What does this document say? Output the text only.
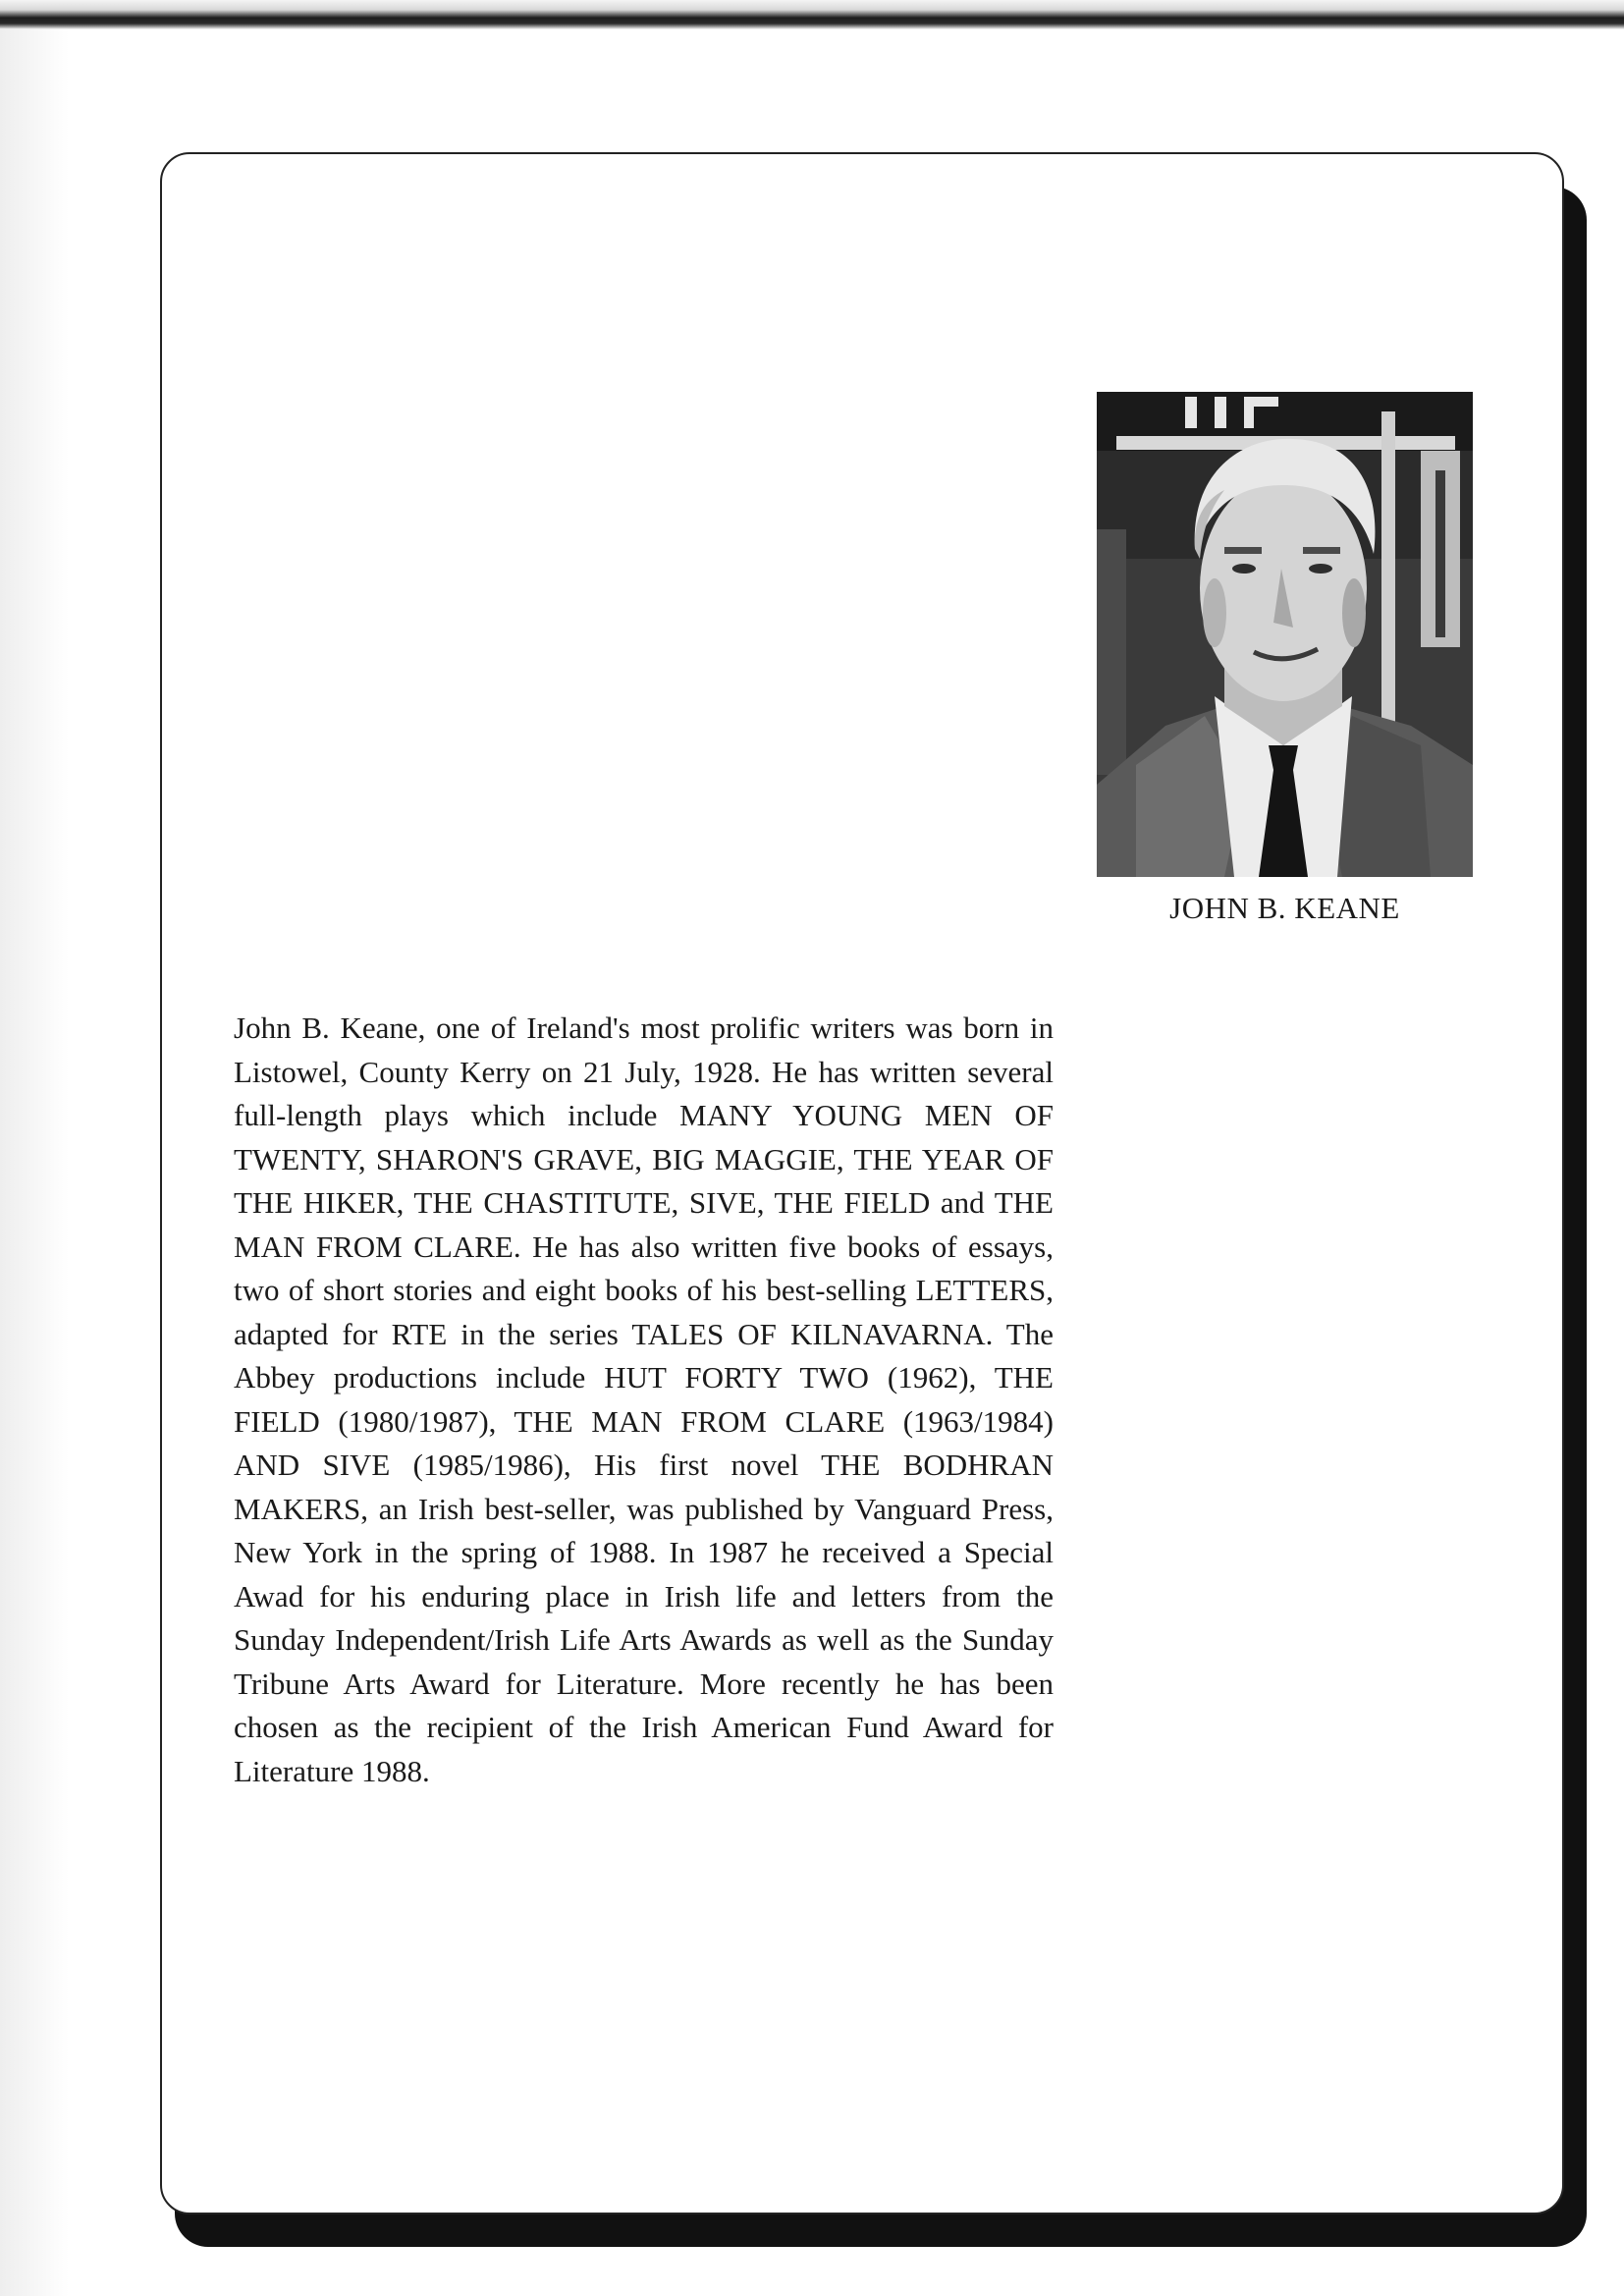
JOHN B. KEANE
John B. Keane, one of Ireland's most prolific writers was born in Listowel, County Kerry on 21 July, 1928. He has written several full-length plays which include MANY YOUNG MEN OF TWENTY, SHARON'S GRAVE, BIG MAGGIE, THE YEAR OF THE HIKER, THE CHASTITUTE, SIVE, THE FIELD and THE MAN FROM CLARE. He has also written five books of essays, two of short stories and eight books of his best-selling LETTERS, adapted for RTE in the series TALES OF KILNAVARNA. The Abbey productions include HUT FORTY TWO (1962), THE FIELD (1980/1987), THE MAN FROM CLARE (1963/1984) AND SIVE (1985/1986), His first novel THE BODHRAN MAKERS, an Irish best-seller, was published by Vanguard Press, New York in the spring of 1988. In 1987 he received a Special Awad for his enduring place in Irish life and letters from the Sunday Independent/Irish Life Arts Awards as well as the Sunday Tribune Arts Award for Literature. More recently he has been chosen as the recipient of the Irish American Fund Award for Literature 1988.
